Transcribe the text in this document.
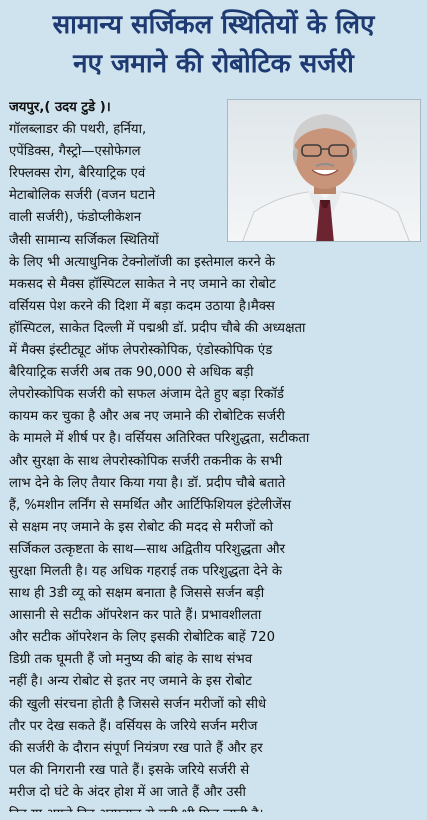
सामान्य सर्जिकल स्थितियों के लिए
नए जमाने की रोबोटिक सर्जरी
जयपुर,( उदय टुडे )।
गॉलब्लाडर की पथरी, हर्निया,
एपेंडिक्स, गैस्ट्रो—एसोफेगल
रिफ्लक्स रोग, बैरियाट्रिक एवं
मेटाबोलिक सर्जरी (वजन घटाने
वाली सर्जरी), फंडोप्लीकेशन
जैसी सामान्य सर्जिकल स्थितियों
के लिए भी अत्याधुनिक टेक्नोलॉजी का इस्तेमाल करने के
मकसद से मैक्स हॉस्पिटल साकेत ने नए जमाने का रोबोट
वर्सियस पेश करने की दिशा में बड़ा कदम उठाया है।मैक्स
हॉस्पिटल, साकेत दिल्ली में पद्मश्री डॉ. प्रदीप चौबे की अध्यक्षता
में मैक्स इंस्टीट्यूट ऑफ लेपरोस्कोपिक, एंडोस्कोपिक एंड
बैरियाट्रिक सर्जरी अब तक 90,000 से अधिक बड़ी
लेपरोस्कोपिक सर्जरी को सफल अंजाम देते हुए बड़ा रिकॉर्ड
कायम कर चुका है और अब नए जमाने की रोबोटिक सर्जरी
के मामले में शीर्ष पर है। वर्सियस अतिरिक्त परिशुद्धता, सटीकता
और सुरक्षा के साथ लेपरोस्कोपिक सर्जरी तकनीक के सभी
लाभ देने के लिए तैयार किया गया है। डॉ. प्रदीप चौबे बताते
हैं, %मशीन लर्निंग से समर्थित और आर्टिफिशियल इंटेलीजेंस
से सक्षम नए जमाने के इस रोबोट की मदद से मरीजों को
सर्जिकल उत्कृष्टता के साथ—साथ अद्वितीय परिशुद्धता और
सुरक्षा मिलती है। यह अधिक गहराई तक परिशुद्धता देने के
साथ ही 3डी व्यू को सक्षम बनाता है जिससे सर्जन बड़ी
आसानी से सटीक ऑपरेशन कर पाते हैं। प्रभावशीलता
और सटीक ऑपरेशन के लिए इसकी रोबोटिक बाहें 720
डिग्री तक घूमती हैं जो मनुष्य की बांह के साथ संभव
नहीं है। अन्य रोबोट से इतर नए जमाने के इस रोबोट
की खुली संरचना होती है जिससे सर्जन मरीजों को सीधे
तौर पर देख सकते हैं। वर्सियस के जरिये सर्जन मरीज
की सर्जरी के दौरान संपूर्ण नियंत्रण रख पाते हैं और हर
पल की निगरानी रख पाते हैं। इसके जरिये सर्जरी से
मरीज दो घंटे के अंदर होश में आ जाते हैं और उसी
